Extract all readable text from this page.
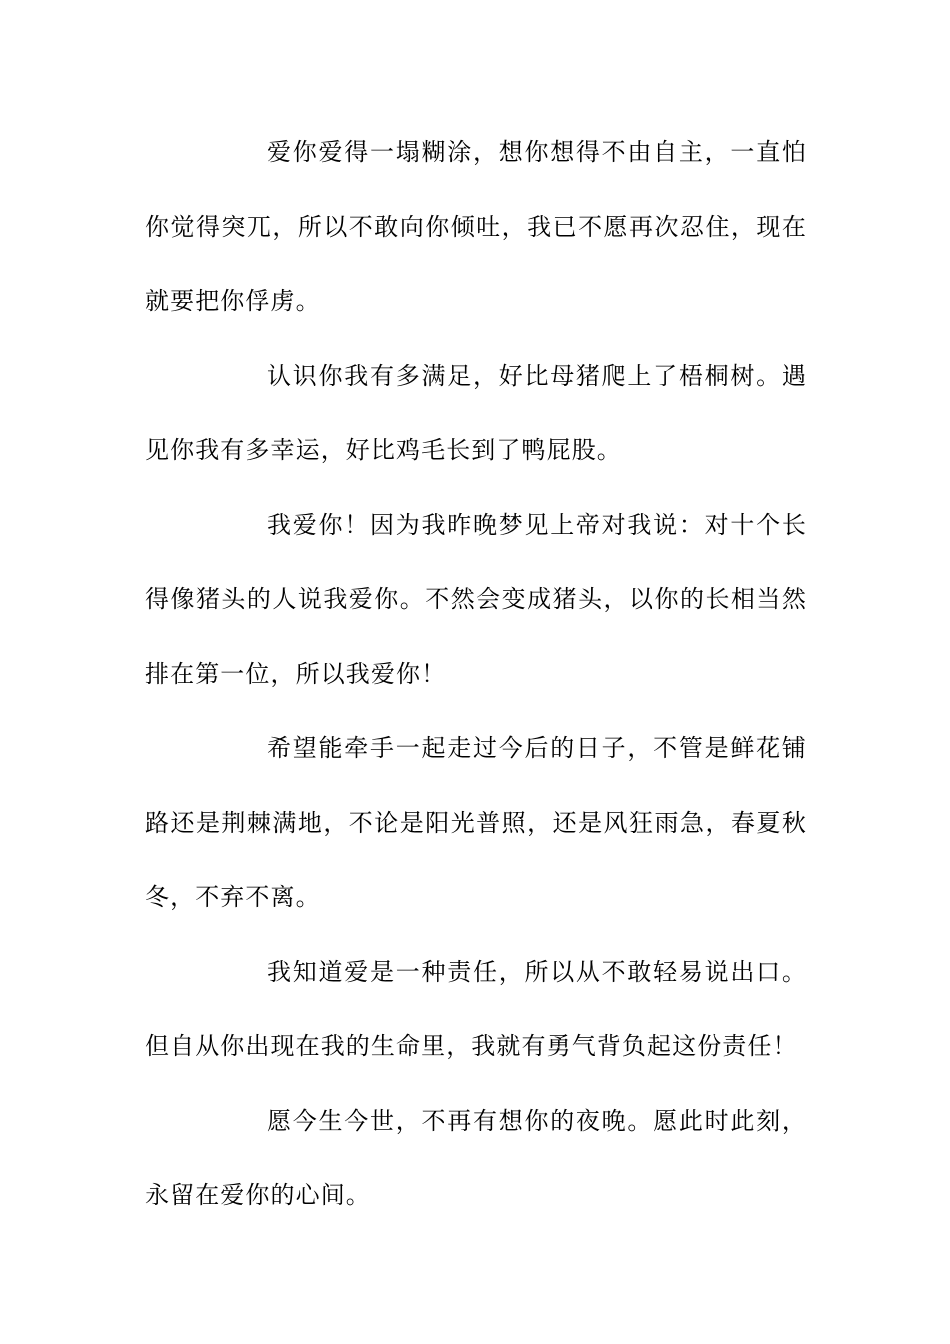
爱你爱得一塌糊涂，想你想得不由自主，一直怕你觉得突兀，所以不敢向你倾吐，我已不愿再次忍住，现在就要把你俘虏。

认识你我有多满足，好比母猪爬上了梧桐树。遇见你我有多幸运，好比鸡毛长到了鸭屁股。

我爱你！因为我昨晚梦见上帝对我说：对十个长得像猪头的人说我爱你。不然会变成猪头，以你的长相当然排在第一位，所以我爱你！

希望能牵手一起走过今后的日子，不管是鲜花铺路还是荆棘满地，不论是阳光普照，还是风狂雨急，春夏秋冬，不弃不离。

我知道爱是一种责任，所以从不敢轻易说出口。但自从你出现在我的生命里，我就有勇气背负起这份责任！

愿今生今世，不再有想你的夜晚。愿此时此刻，永留在爱你的心间。
